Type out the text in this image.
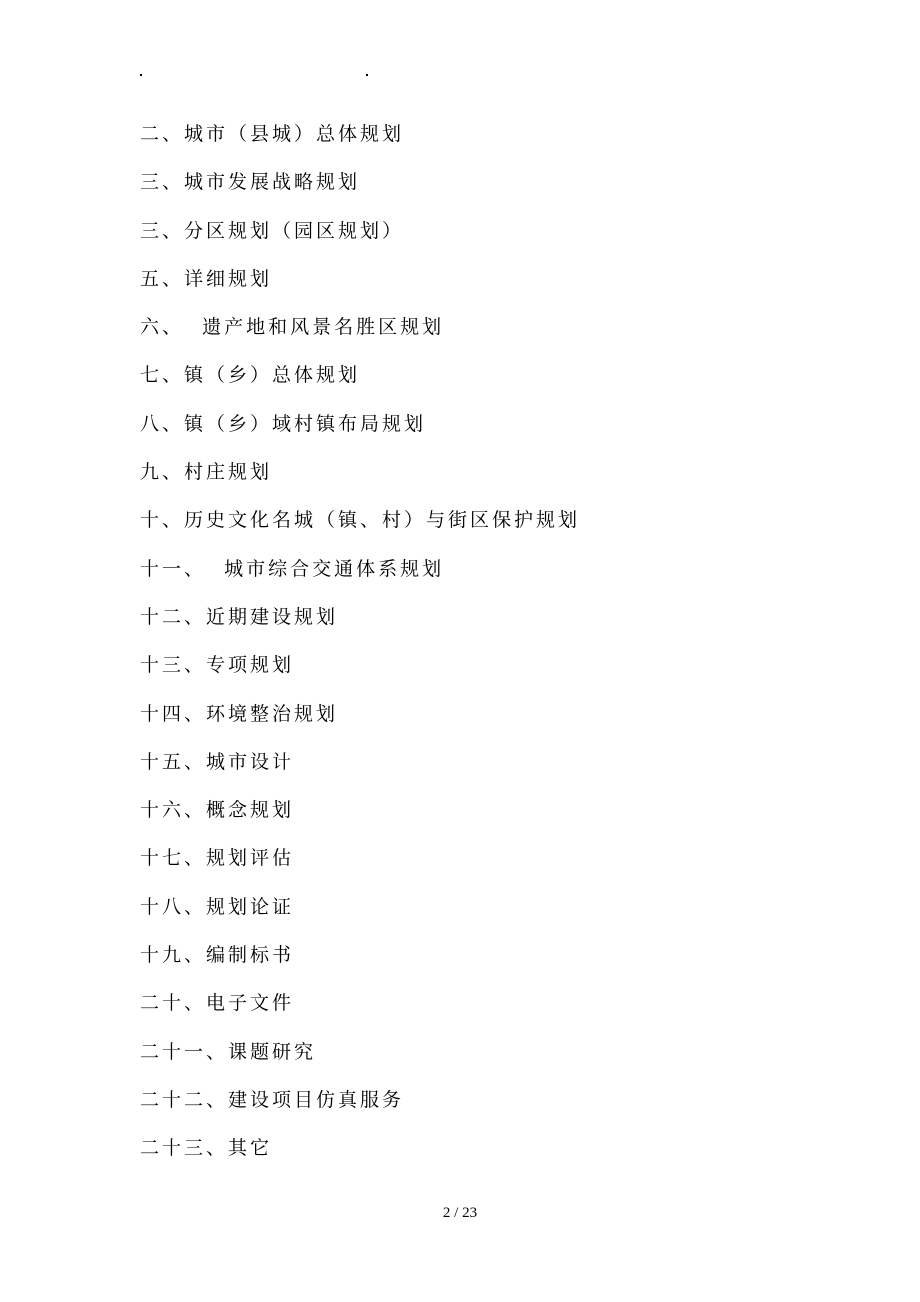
二、城市（县城）总体规划
三、城市发展战略规划
三、分区规划（园区规划）
五、详细规划
六、  遗产地和风景名胜区规划
七、镇（乡）总体规划
八、镇（乡）域村镇布局规划
九、村庄规划
十、历史文化名城（镇、村）与街区保护规划
十一、  城市综合交通体系规划
十二、近期建设规划
十三、专项规划
十四、环境整治规划
十五、城市设计
十六、概念规划
十七、规划评估
十八、规划论证
十九、编制标书
二十、电子文件
二十一、课题研究
二十二、建设项目仿真服务
二十三、其它
2 / 23
